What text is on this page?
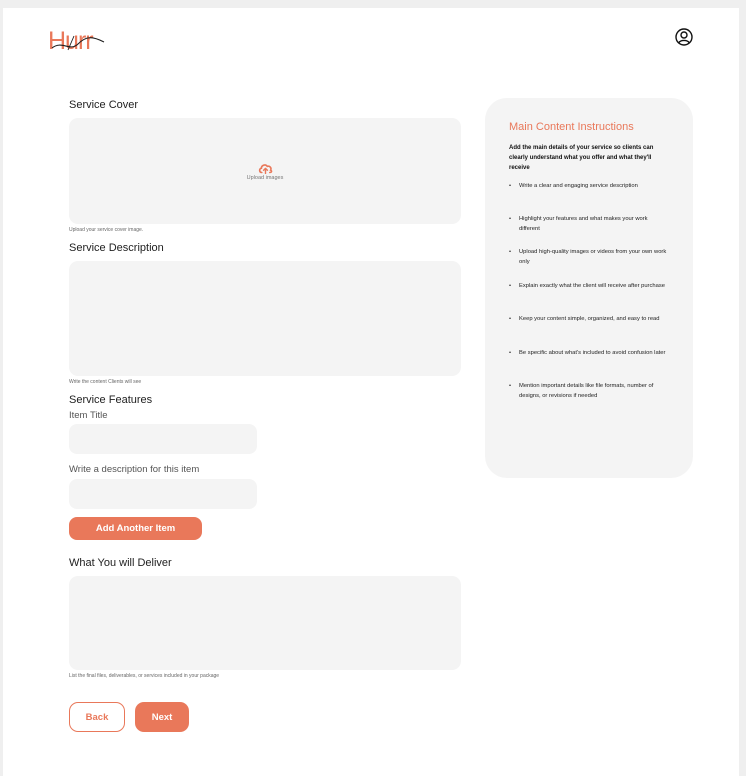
Hurr
Service Cover
Upload images
Upload your service cover image.
Service Description
Write the content Clients will see
Service Features
Item Title
Write a description for this item
Add Another Item
What You will Deliver
List the final files, deliverables, or services included in your package
Back	Next
Main Content Instructions
Add the main details of your service so clients can clearly understand what you offer and what they'll receive
•	Write a clear and engaging service description
•	Highlight your features and what makes your work different
•	Upload high-quality images or videos from your own work only
•	Explain exactly what the client will receive after purchase
•	Keep your content simple, organized, and easy to read
•	Be specific about what's included to avoid confusion later
•	Mention important details like file formats, number of designs, or revisions if needed
